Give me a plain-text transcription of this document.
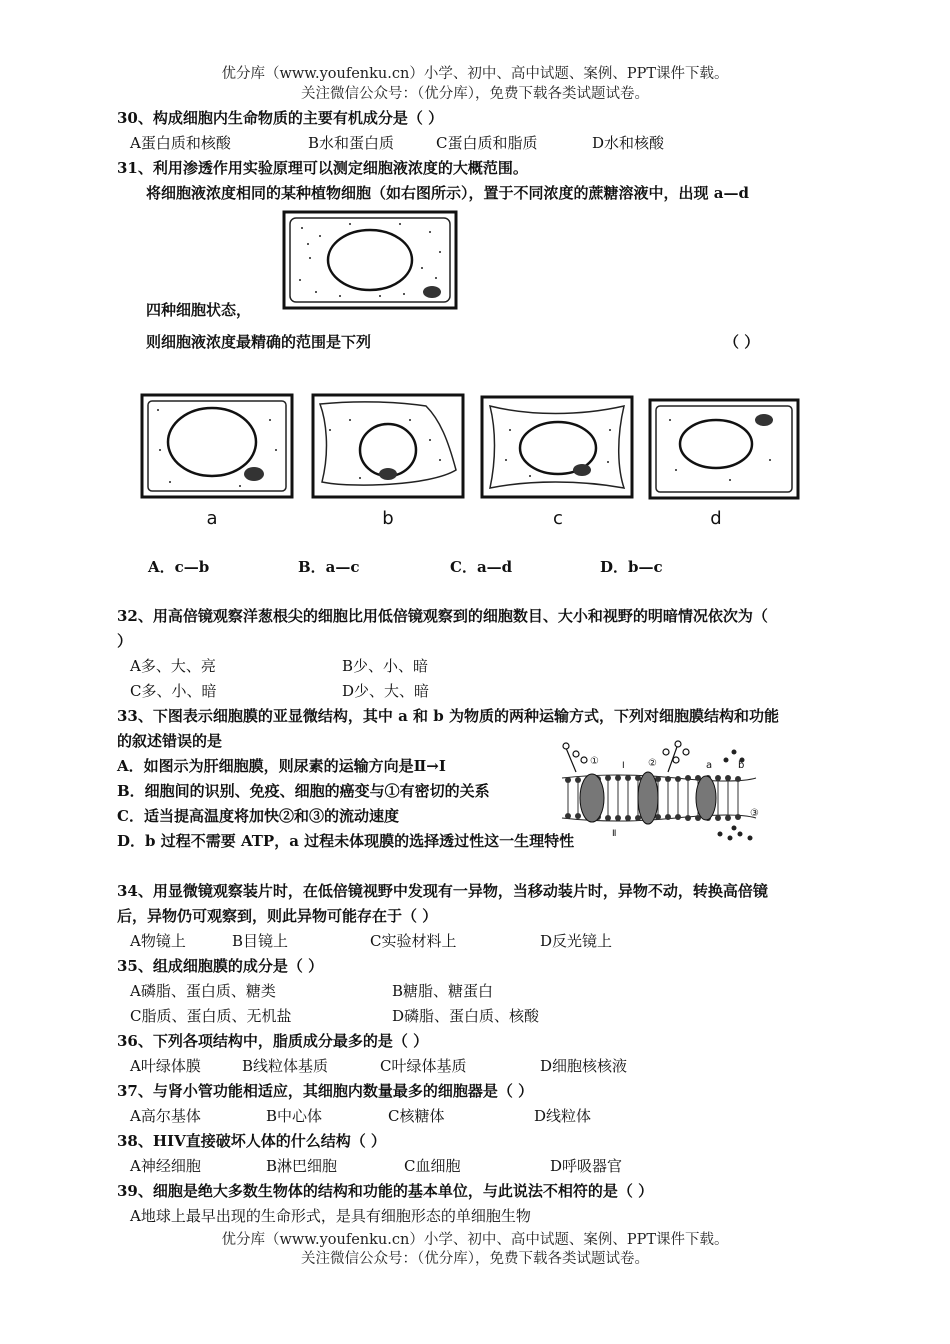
优分库（www.youfenku.cn）小学、初中、高中试题、案例、PPT课件下载。
关注微信公众号：（优分库），免费下载各类试题试卷。
30、构成细胞内生命物质的主要有机成分是（ ）
A蛋白质和核酸	B水和蛋白质	C蛋白质和脂质	D水和核酸
31、利用渗透作用实验原理可以测定细胞液浓度的大概范围。
将细胞液浓度相同的某种植物细胞（如右图所示），置于不同浓度的蔗糖溶液中，出现 a—d
四种细胞状态，
则细胞液浓度最精确的范围是下列	（ ）
a	b	c	d
A．c—b	B．a—c	C．a—d	D．b—c
32、用高倍镜观察洋葱根尖的细胞比用低倍镜观察到的细胞数目、大小和视野的明暗情况依次为（
）
A多、大、亮	B少、小、暗
C多、小、暗	D少、大、暗
33、下图表示细胞膜的亚显微结构，其中 a 和 b 为物质的两种运输方式，下列对细胞膜结构和功能
的叙述错误的是
A．如图示为肝细胞膜，则尿素的运输方向是Ⅱ→Ⅰ
B．细胞间的识别、免疫、细胞的癌变与①有密切的关系
C．适当提高温度将加快②和③的流动速度
D．b 过程不需要 ATP，a 过程未体现膜的选择透过性这一生理特性
①	②
③
Ⅰ
Ⅱ
a	b
34、用显微镜观察装片时，在低倍镜视野中发现有一异物，当移动装片时，异物不动，转换高倍镜
后，异物仍可观察到，则此异物可能存在于（ ）
A物镜上	B目镜上	C实验材料上	D反光镜上
35、组成细胞膜的成分是（ ）
A磷脂、蛋白质、糖类	B糖脂、糖蛋白
C脂质、蛋白质、无机盐	D磷脂、蛋白质、核酸
36、下列各项结构中，脂质成分最多的是（ ）
A叶绿体膜	B线粒体基质	C叶绿体基质	D细胞核核液
37、与肾小管功能相适应，其细胞内数量最多的细胞器是（ ）
A高尔基体	B中心体	C核糖体	D线粒体
38、HIV直接破坏人体的什么结构（ ）
A神经细胞	B淋巴细胞	C血细胞	D呼吸器官
39、细胞是绝大多数生物体的结构和功能的基本单位，与此说法不相符的是（ ）
A地球上最早出现的生命形式，是具有细胞形态的单细胞生物
优分库（www.youfenku.cn）小学、初中、高中试题、案例、PPT课件下载。
关注微信公众号：（优分库），免费下载各类试题试卷。
